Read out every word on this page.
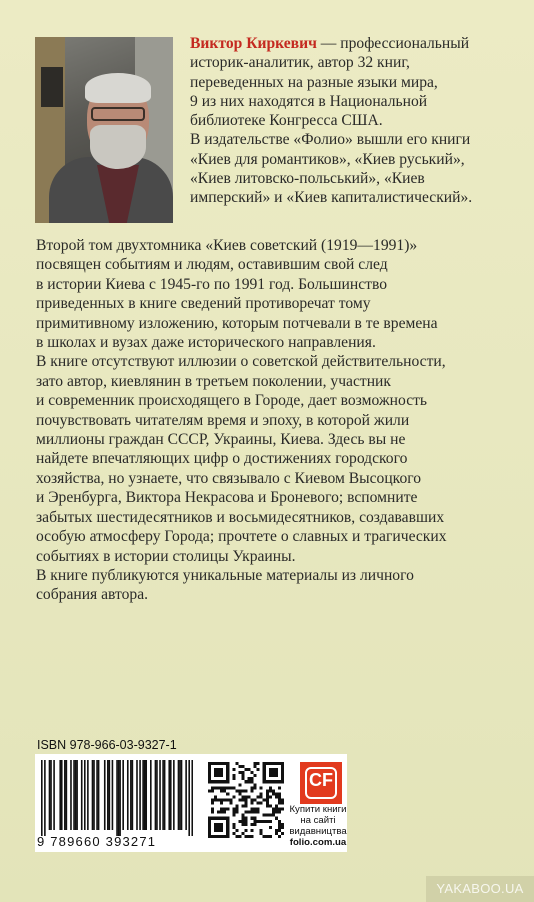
Виктор Киркевич — профессиональный
историк-аналитик, автор 32 книг,
переведенных на разные языки мира,
9 из них находятся в Национальной
библиотеке Конгресса США.
В издательстве «Фолио» вышли его книги
«Киев для романтиков», «Киев руський»,
«Киев литовско-польський», «Киев
имперский» и «Киев капиталистический».
Второй том двухтомника «Киев советский (1919—1991)»
посвящен событиям и людям, оставившим свой след
в истории Киева с 1945-го по 1991 год. Большинство
приведенных в книге сведений противоречат тому
примитивному изложению, которым потчевали в те времена
в школах и вузах даже исторического направления.
В книге отсутствуют иллюзии о советской действительности,
зато автор, киевлянин в третьем поколении, участник
и современник происходящего в Городе, дает возможность
почувствовать читателям время и эпоху, в которой жили
миллионы граждан СССР, Украины, Киева. Здесь вы не
найдете впечатляющих цифр о достижениях городского
хозяйства, но узнаете, что связывало с Киевом Высоцкого
и Эренбурга, Виктора Некрасова и Броневого; вспомните
забытых шестидесятников и восьмидесятников, создававших
особую атмосферу Города; прочтете о славных и трагических
событиях в истории столицы Украины.
В книге публикуются уникальные материалы из личного
собрания автора.
ISBN 978-966-03-9327-1
9 789660 393271
CF
Купити книги
на сайті
видавництва
folio.com.ua
YAKABOO.UA
